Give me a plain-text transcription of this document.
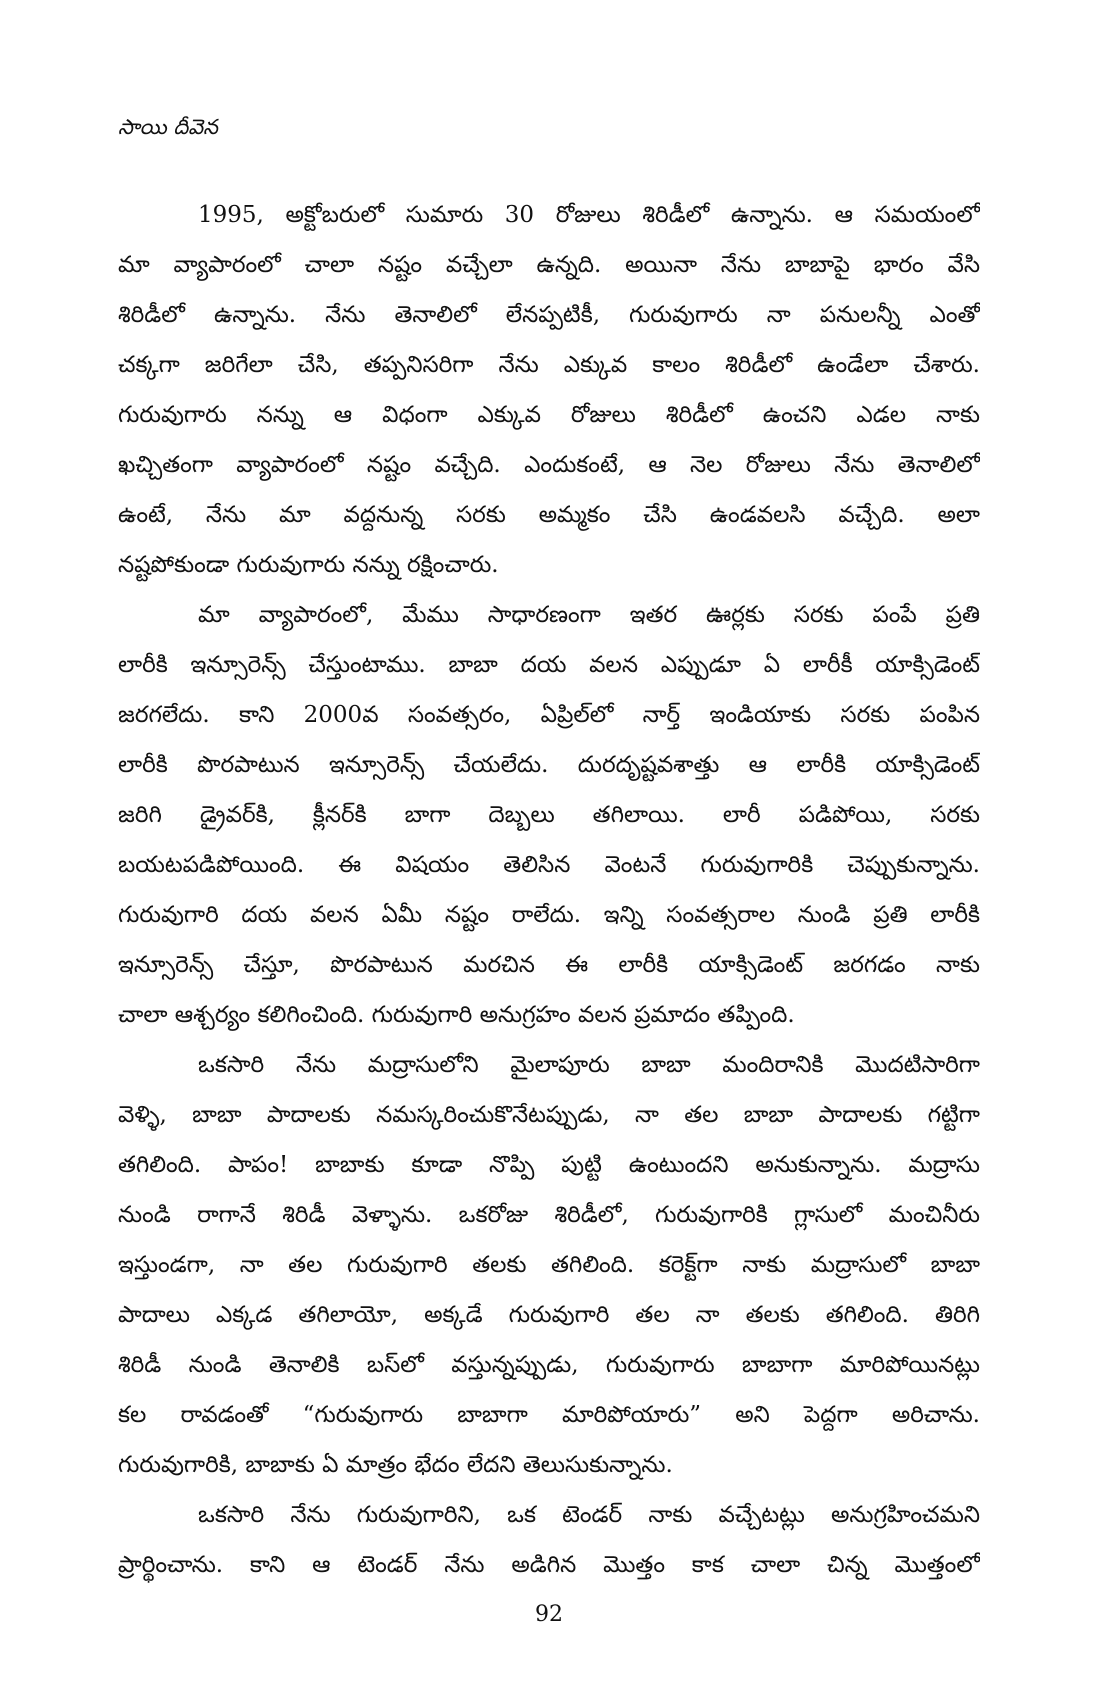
సాయి దీవెన
1995, అక్టోబరులో సుమారు 30 రోజులు శిరిడీలో ఉన్నాను. ఆ సమయంలో
మా వ్యాపారంలో చాలా నష్టం వచ్చేలా ఉన్నది. అయినా నేను బాబాపై భారం వేసి
శిరిడీలో ఉన్నాను. నేను తెనాలిలో లేనప్పటికీ, గురువుగారు నా పనులన్నీ ఎంతో
చక్కగా జరిగేలా చేసి, తప్పనిసరిగా నేను ఎక్కువ కాలం శిరిడీలో ఉండేలా చేశారు.
గురువుగారు నన్ను ఆ విధంగా ఎక్కువ రోజులు శిరిడీలో ఉంచని ఎడల నాకు
ఖచ్చితంగా వ్యాపారంలో నష్టం వచ్చేది. ఎందుకంటే, ఆ నెల రోజులు నేను తెనాలిలో
ఉంటే, నేను మా వద్దనున్న సరకు అమ్మకం చేసి ఉండవలసి వచ్చేది. అలా
నష్టపోకుండా గురువుగారు నన్ను రక్షించారు.
మా వ్యాపారంలో, మేము సాధారణంగా ఇతర ఊర్లకు సరకు పంపే ప్రతి
లారీకి ఇన్సూరెన్స్ చేస్తుంటాము. బాబా దయ వలన ఎప్పుడూ ఏ లారీకీ యాక్సిడెంట్
జరగలేదు. కాని 2000వ సంవత్సరం, ఏప్రిల్‌లో నార్త్ ఇండియాకు సరకు పంపిన
లారీకి పొరపాటున ఇన్సూరెన్స్ చేయలేదు. దురదృష్టవశాత్తు ఆ లారీకి యాక్సిడెంట్
జరిగి డ్రైవర్‌కి, క్లీనర్‌కి బాగా దెబ్బలు తగిలాయి. లారీ పడిపోయి, సరకు
బయటపడిపోయింది. ఈ విషయం తెలిసిన వెంటనే గురువుగారికి చెప్పుకున్నాను.
గురువుగారి దయ వలన ఏమీ నష్టం రాలేదు. ఇన్ని సంవత్సరాల నుండి ప్రతి లారీకి
ఇన్సూరెన్స్ చేస్తూ, పొరపాటున మరచిన ఈ లారీకి యాక్సిడెంట్ జరగడం నాకు
చాలా ఆశ్చర్యం కలిగించింది. గురువుగారి అనుగ్రహం వలన ప్రమాదం తప్పింది.
ఒకసారి నేను మద్రాసులోని మైలాపూరు బాబా మందిరానికి మొదటిసారిగా
వెళ్ళి, బాబా పాదాలకు నమస్కరించుకొనేటప్పుడు, నా తల బాబా పాదాలకు గట్టిగా
తగిలింది. పాపం! బాబాకు కూడా నొప్పి పుట్టి ఉంటుందని అనుకున్నాను. మద్రాసు
నుండి రాగానే శిరిడీ వెళ్ళాను. ఒకరోజు శిరిడీలో, గురువుగారికి గ్లాసులో మంచినీరు
ఇస్తుండగా, నా తల గురువుగారి తలకు తగిలింది. కరెక్ట్‌గా నాకు మద్రాసులో బాబా
పాదాలు ఎక్కడ తగిలాయో, అక్కడే గురువుగారి తల నా తలకు తగిలింది. తిరిగి
శిరిడీ నుండి తెనాలికి బస్‌లో వస్తున్నప్పుడు, గురువుగారు బాబాగా మారిపోయినట్లు
కల రావడంతో “గురువుగారు బాబాగా మారిపోయారు” అని పెద్దగా అరిచాను.
గురువుగారికి, బాబాకు ఏ మాత్రం భేదం లేదని తెలుసుకున్నాను.
ఒకసారి నేను గురువుగారిని, ఒక టెండర్ నాకు వచ్చేటట్లు అనుగ్రహించమని
ప్రార్థించాను. కాని ఆ టెండర్ నేను అడిగిన మొత్తం కాక చాలా చిన్న మొత్తంలో
92
